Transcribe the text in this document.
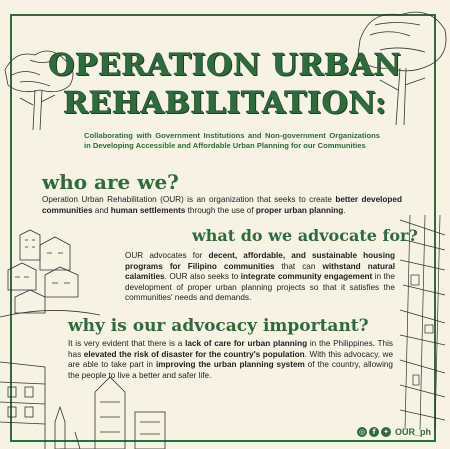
OPERATION URBAN
REHABILITATION:
Collaborating with Government Institutions and Non-government Organizations in Developing Accessible and Affordable Urban Planning for our Communities
who are we?
Operation Urban Rehabilitation (OUR) is an organization that seeks to create better developed communities and human settlements through the use of proper urban planning.
what do we advocate for?
OUR advocates for decent, affordable, and sustainable housing programs for Filipino communities that can withstand natural calamities. OUR also seeks to integrate community engagement in the development of proper urban planning projects so that it satisfies the communities' needs and demands.
why is our advocacy important?
It is very evident that there is a lack of care for urban planning in the Philippines. This has elevated the risk of disaster for the country's population. With this advocacy, we are able to take part in improving the urban planning system of the country, allowing the people to live a better and safer life.
◎	f	✦ OUR_ph
